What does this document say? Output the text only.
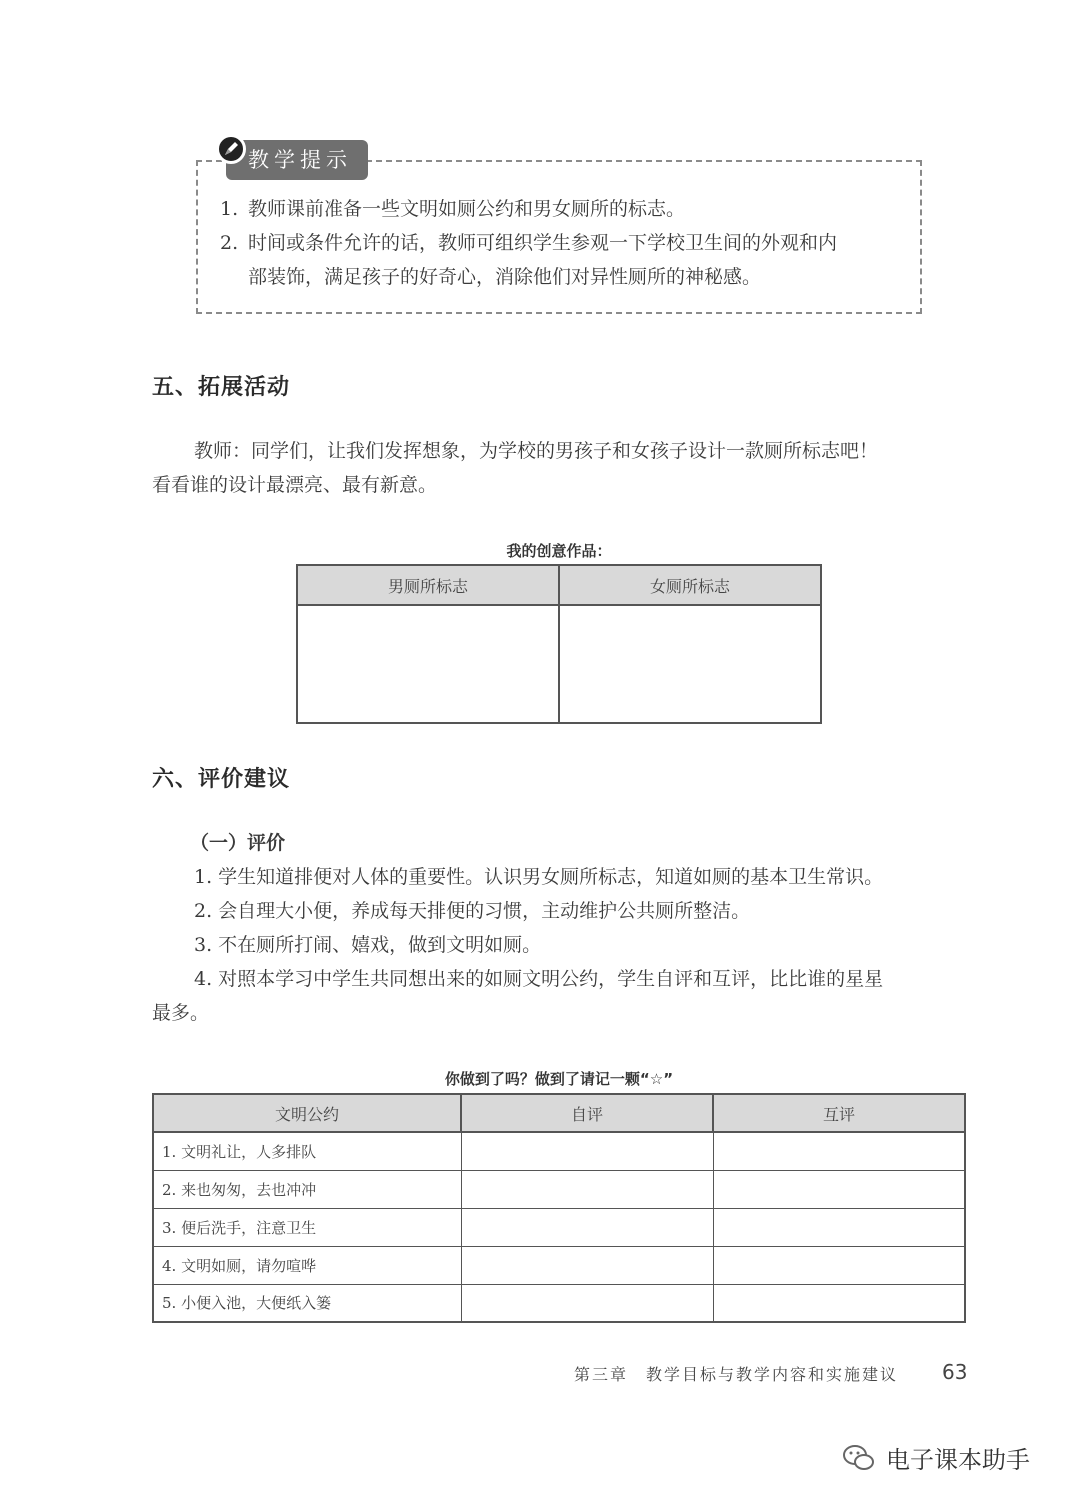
教学提示
1. 教师课前准备一些文明如厕公约和男女厕所的标志。
2. 时间或条件允许的话，教师可组织学生参观一下学校卫生间的外观和内
部装饰，满足孩子的好奇心，消除他们对异性厕所的神秘感。
五、拓展活动
教师：同学们，让我们发挥想象，为学校的男孩子和女孩子设计一款厕所标志吧！
看看谁的设计最漂亮、最有新意。
我的创意作品：
男厕所标志	女厕所标志

六、评价建议
（一）评价
1. 学生知道排便对人体的重要性。认识男女厕所标志，知道如厕的基本卫生常识。
2. 会自理大小便，养成每天排便的习惯，主动维护公共厕所整洁。
3. 不在厕所打闹、嬉戏，做到文明如厕。
4. 对照本学习中学生共同想出来的如厕文明公约，学生自评和互评，比比谁的星星
最多。
你做到了吗？做到了请记一颗“☆”
文明公约	自评	互评
1. 文明礼让，人多排队		
2. 来也匆匆，去也冲冲		
3. 便后洗手，注意卫生		
4. 文明如厕，请勿喧哗		
5. 小便入池，大便纸入篓		
第三章　教学目标与教学内容和实施建议 63
电子课本助手
